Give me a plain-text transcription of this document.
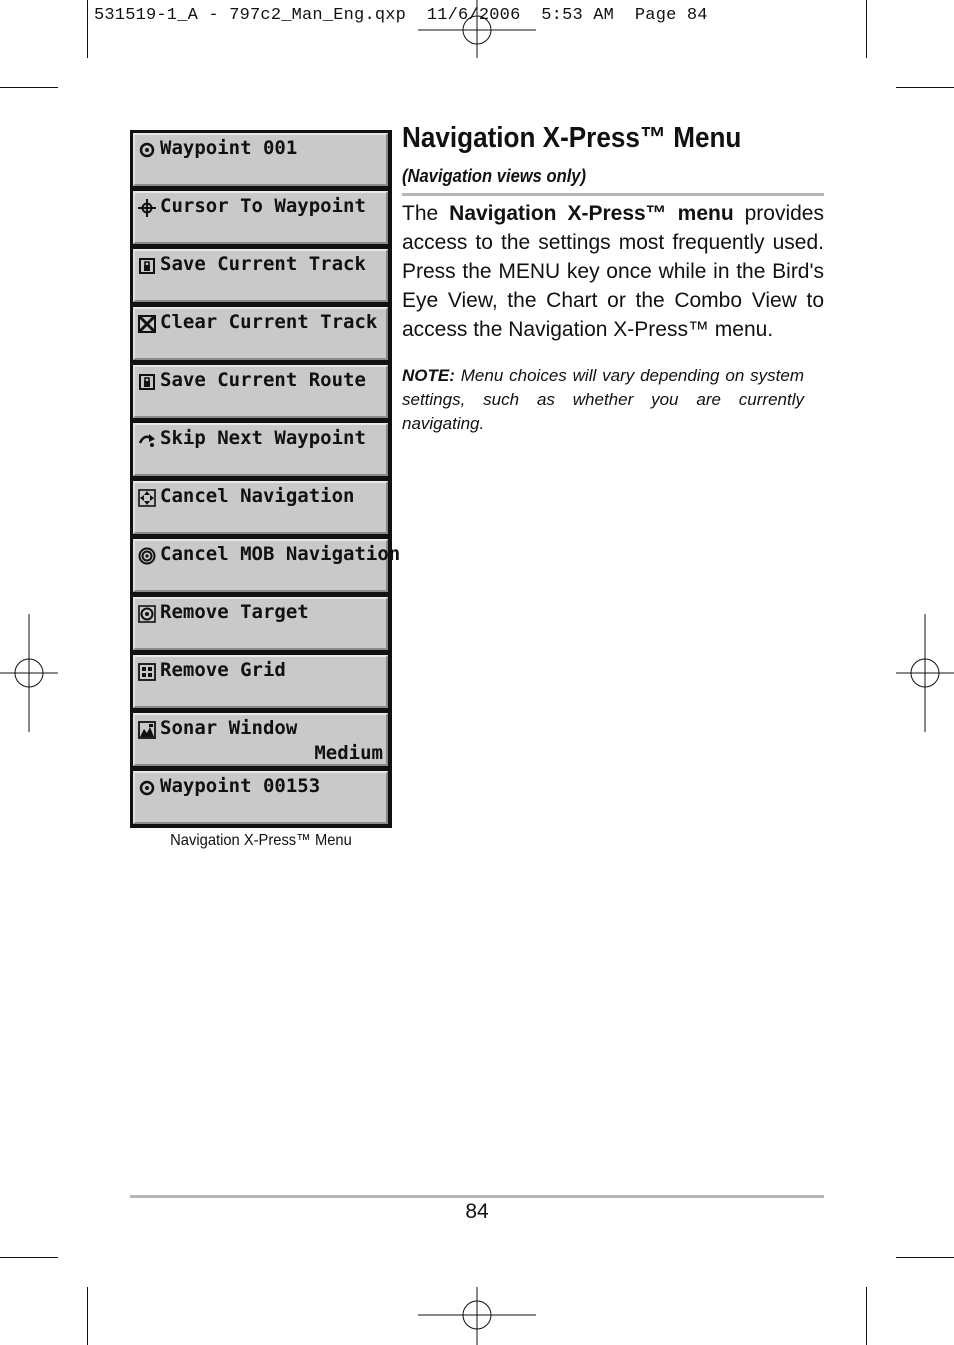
531519-1_A - 797c2_Man_Eng.qxp  11/6/2006  5:53 AM  Page 84
Waypoint 001
Cursor To Waypoint
Save Current Track
Clear Current Track
Save Current Route
Skip Next Waypoint
Cancel Navigation
Cancel MOB Navigation
Remove Target
Remove Grid
Sonar Window
Medium
Waypoint 00153
Navigation X-Press™ Menu
Navigation X-Press™ Menu
(Navigation views only)
The Navigation X-Press™ menu provides access to the settings most frequently used. Press the MENU key once while in the Bird's Eye View, the Chart or the Combo View to access the Navigation X-Press™ menu.
NOTE: Menu choices will vary depending on system settings, such as whether you are currently navigating.
84
